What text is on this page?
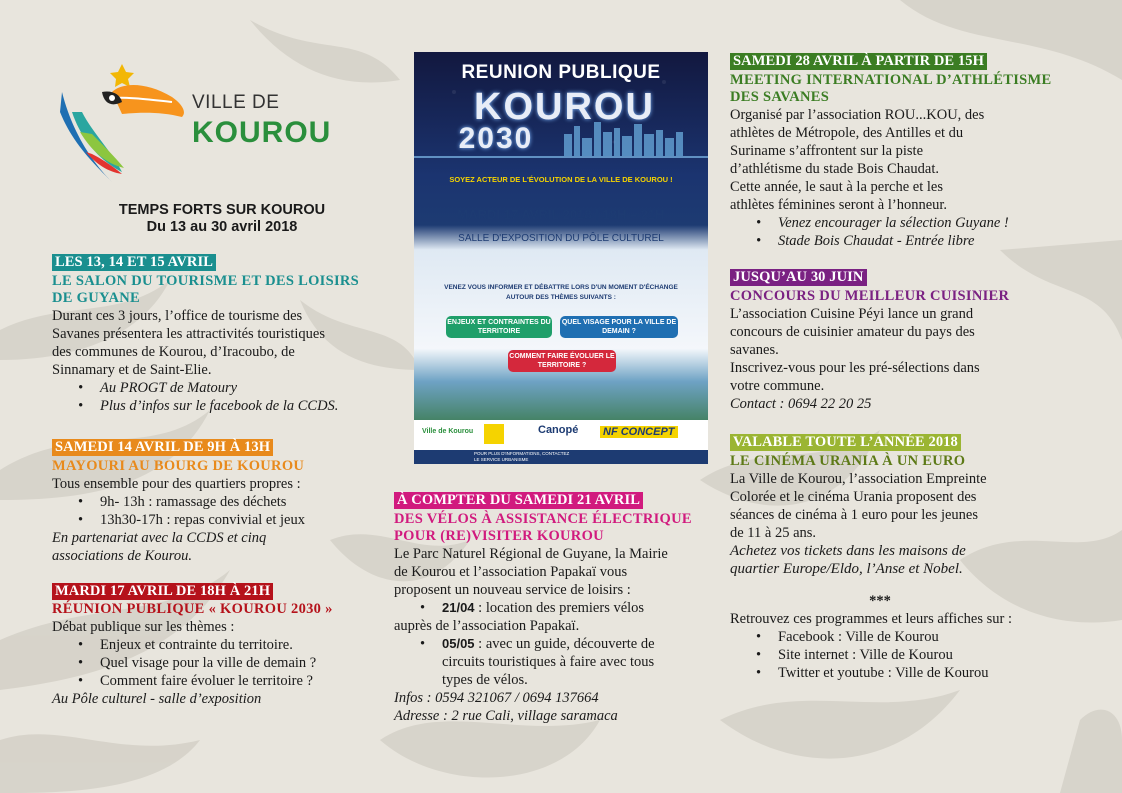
VILLE DE
KOUROU
TEMPS FORTS SUR KOUROU
Du 13 au 30 avril 2018
LES 13, 14 ET 15 AVRIL
LE SALON DU TOURISME ET DES LOISIRS
DE GUYANE
Durant ces 3 jours, l’office de tourisme des
Savanes présentera les attractivités touristiques
des communes de Kourou, d’Iracoubo, de
Sinnamary et de Saint-Elie.
• Au PROGT de Matoury
• Plus d’infos sur le facebook de la CCDS.
SAMEDI 14 AVRIL DE 9H À 13H
MAYOURI AU BOURG DE KOUROU
Tous ensemble pour des quartiers propres :
• 9h- 13h : ramassage des déchets
• 13h30-17h : repas convivial et jeux
En partenariat avec la CCDS et cinq
associations de Kourou.
MARDI 17 AVRIL DE 18H À 21H
RÉUNION PUBLIQUE « KOUROU 2030 »
Débat publique sur les thèmes :
• Enjeux et contrainte du territoire.
• Quel visage pour la ville de demain ?
• Comment faire évoluer le territoire ?
Au Pôle culturel - salle d’exposition
REUNION PUBLIQUE
KOUROU
2030
SOYEZ ACTEUR DE L'ÉVOLUTION DE LA VILLE DE KOUROU !
MARDI 17 AVRIL 2018 | 18H – 21H
SALLE D'EXPOSITION DU PÔLE CULTUREL
VENEZ VOUS INFORMER ET DÉBATTRE LORS D'UN MOMENT D'ÉCHANGE
AUTOUR DES THÈMES SUIVANTS :
ENJEUX ET CONTRAINTES DU TERRITOIRE
QUEL VISAGE POUR LA VILLE DE DEMAIN ?
COMMENT FAIRE ÉVOLUER LE TERRITOIRE ?
Ville de Kourou	Canopé NF CONCEPT
POUR PLUS D'INFORMATIONS, CONTACTEZ
LE SERVICE URBANISME
À COMPTER DU SAMEDI 21 AVRIL
DES VÉLOS À ASSISTANCE ÉLECTRIQUE
POUR (RE)VISITER KOUROU
Le Parc Naturel Régional de Guyane, la Mairie
de Kourou et l’association Papakaï vous
proposent un nouveau service de loisirs :
• 21/04 : location des premiers vélos
auprès de l’association Papakaï.
• 05/05 : avec un guide, découverte de
circuits touristiques à faire avec tous
types de vélos.
Infos : 0594 321067 / 0694 137664
Adresse : 2 rue Cali, village saramaca
SAMEDI 28 AVRIL À PARTIR DE 15H
MEETING INTERNATIONAL D’ATHLÉTISME
DES SAVANES
Organisé par l’association ROU...KOU, des
athlètes de Métropole, des Antilles et du
Suriname s’affrontent sur la piste
d’athlétisme du stade Bois Chaudat.
Cette année, le saut à la perche et les
athlètes féminines seront à l’honneur.
• Venez encourager la sélection Guyane !
• Stade Bois Chaudat - Entrée libre
JUSQU’AU 30 JUIN
CONCOURS DU MEILLEUR CUISINIER
L’association Cuisine Péyi lance un grand
concours de cuisinier amateur du pays des
savanes.
Inscrivez-vous pour les pré-sélections dans
votre commune.
Contact : 0694 22 20 25
VALABLE TOUTE L’ANNÉE 2018
LE CINÉMA URANIA À UN EURO
La Ville de Kourou, l’association Empreinte
Colorée et le cinéma Urania proposent des
séances de cinéma à 1 euro pour les jeunes
de 11 à 25 ans.
Achetez vos tickets dans les maisons de
quartier Europe/Eldo, l’Anse et Nobel.
***
Retrouvez ces programmes et leurs affiches sur :
• Facebook : Ville de Kourou
• Site internet : Ville de Kourou
• Twitter et youtube : Ville de Kourou
